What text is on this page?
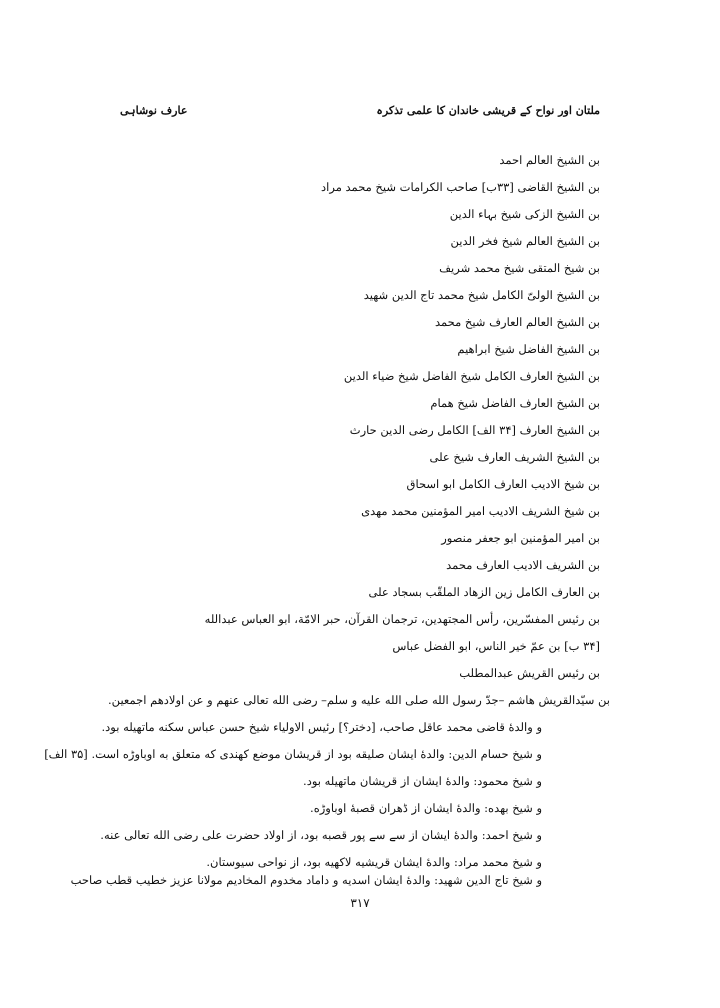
ملتان اور نواح کے قریشی خاندان کا علمی تذکرہ
عارف نوشاہی
بن الشیخ العالم احمد
بن الشیخ القاضی [۳۳ب] صاحب الکرامات شیخ محمد مراد
بن الشیخ الزکی شیخ بہاء الدین
بن الشیخ العالم شیخ فخر الدین
بن شیخ المتقی شیخ محمد شریف
بن الشیخ الولیّ الکامل شیخ محمد تاج الدین شهید
بن الشیخ العالم العارف شیخ محمد
بن الشیخ الفاضل شیخ ابراهیم
بن الشیخ العارف الکامل شیخ الفاضل شیخ ضیاء الدین
بن الشیخ العارف الفاضل شیخ همام
بن الشیخ العارف [۳۴ الف] الکامل رضی الدین حارث
بن الشیخ الشریف العارف شیخ علی
بن شیخ الادیب العارف الکامل ابو اسحاق
بن شیخ الشریف الادیب امیر المؤمنین محمد مهدی
بن امیر المؤمنین ابو جعفر منصور
بن الشریف الادیب العارف محمد
بن العارف الکامل زین الزهاد الملقّب بسجاد علی
بن رئیس المفسّرین، رأس المجتهدین، ترجمان القرآن، حبر الامّة، ابو العباس عبدالله
[۳۴ ب] بن عمّ خیر الناس، ابو الفضل عباس
بن رئیس القریش عبدالمطلب
بن سیّدالقریش هاشم –جدّ رسول الله صلی الله علیه و سلم– رضی الله تعالی عنهم و عن اولادهم اجمعین.
و والدهٔ قاضی محمد عاقل صاحب، [دختر؟] رئیس الاولیاء شیخ حسن عباس سکنه ماتهیله بود.
و شیخ حسام الدین: والدهٔ ایشان صلیقه بود از قریشان موضع کهندی که متعلق به اوباوڑه است. [۳۵ الف]
و شیخ محمود: والدهٔ ایشان از قریشان ماتهیله بود.
و شیخ بهده: والدهٔ ایشان از ڈهران قصبهٔ اوباوڑه.
و شیخ احمد: والدهٔ ایشان از سے سے پور قصبه بود، از اولاد حضرت علی رضی الله تعالی عنه.
و شیخ محمد مراد: والدهٔ ایشان قریشیه لاکهیه بود، از نواحی سیوستان.
و شیخ تاج الدین شهید: والدهٔ ایشان اسدیه و داماد مخدوم المخادیم مولانا عزیز خطیب قطب صاحب
۳۱۷
